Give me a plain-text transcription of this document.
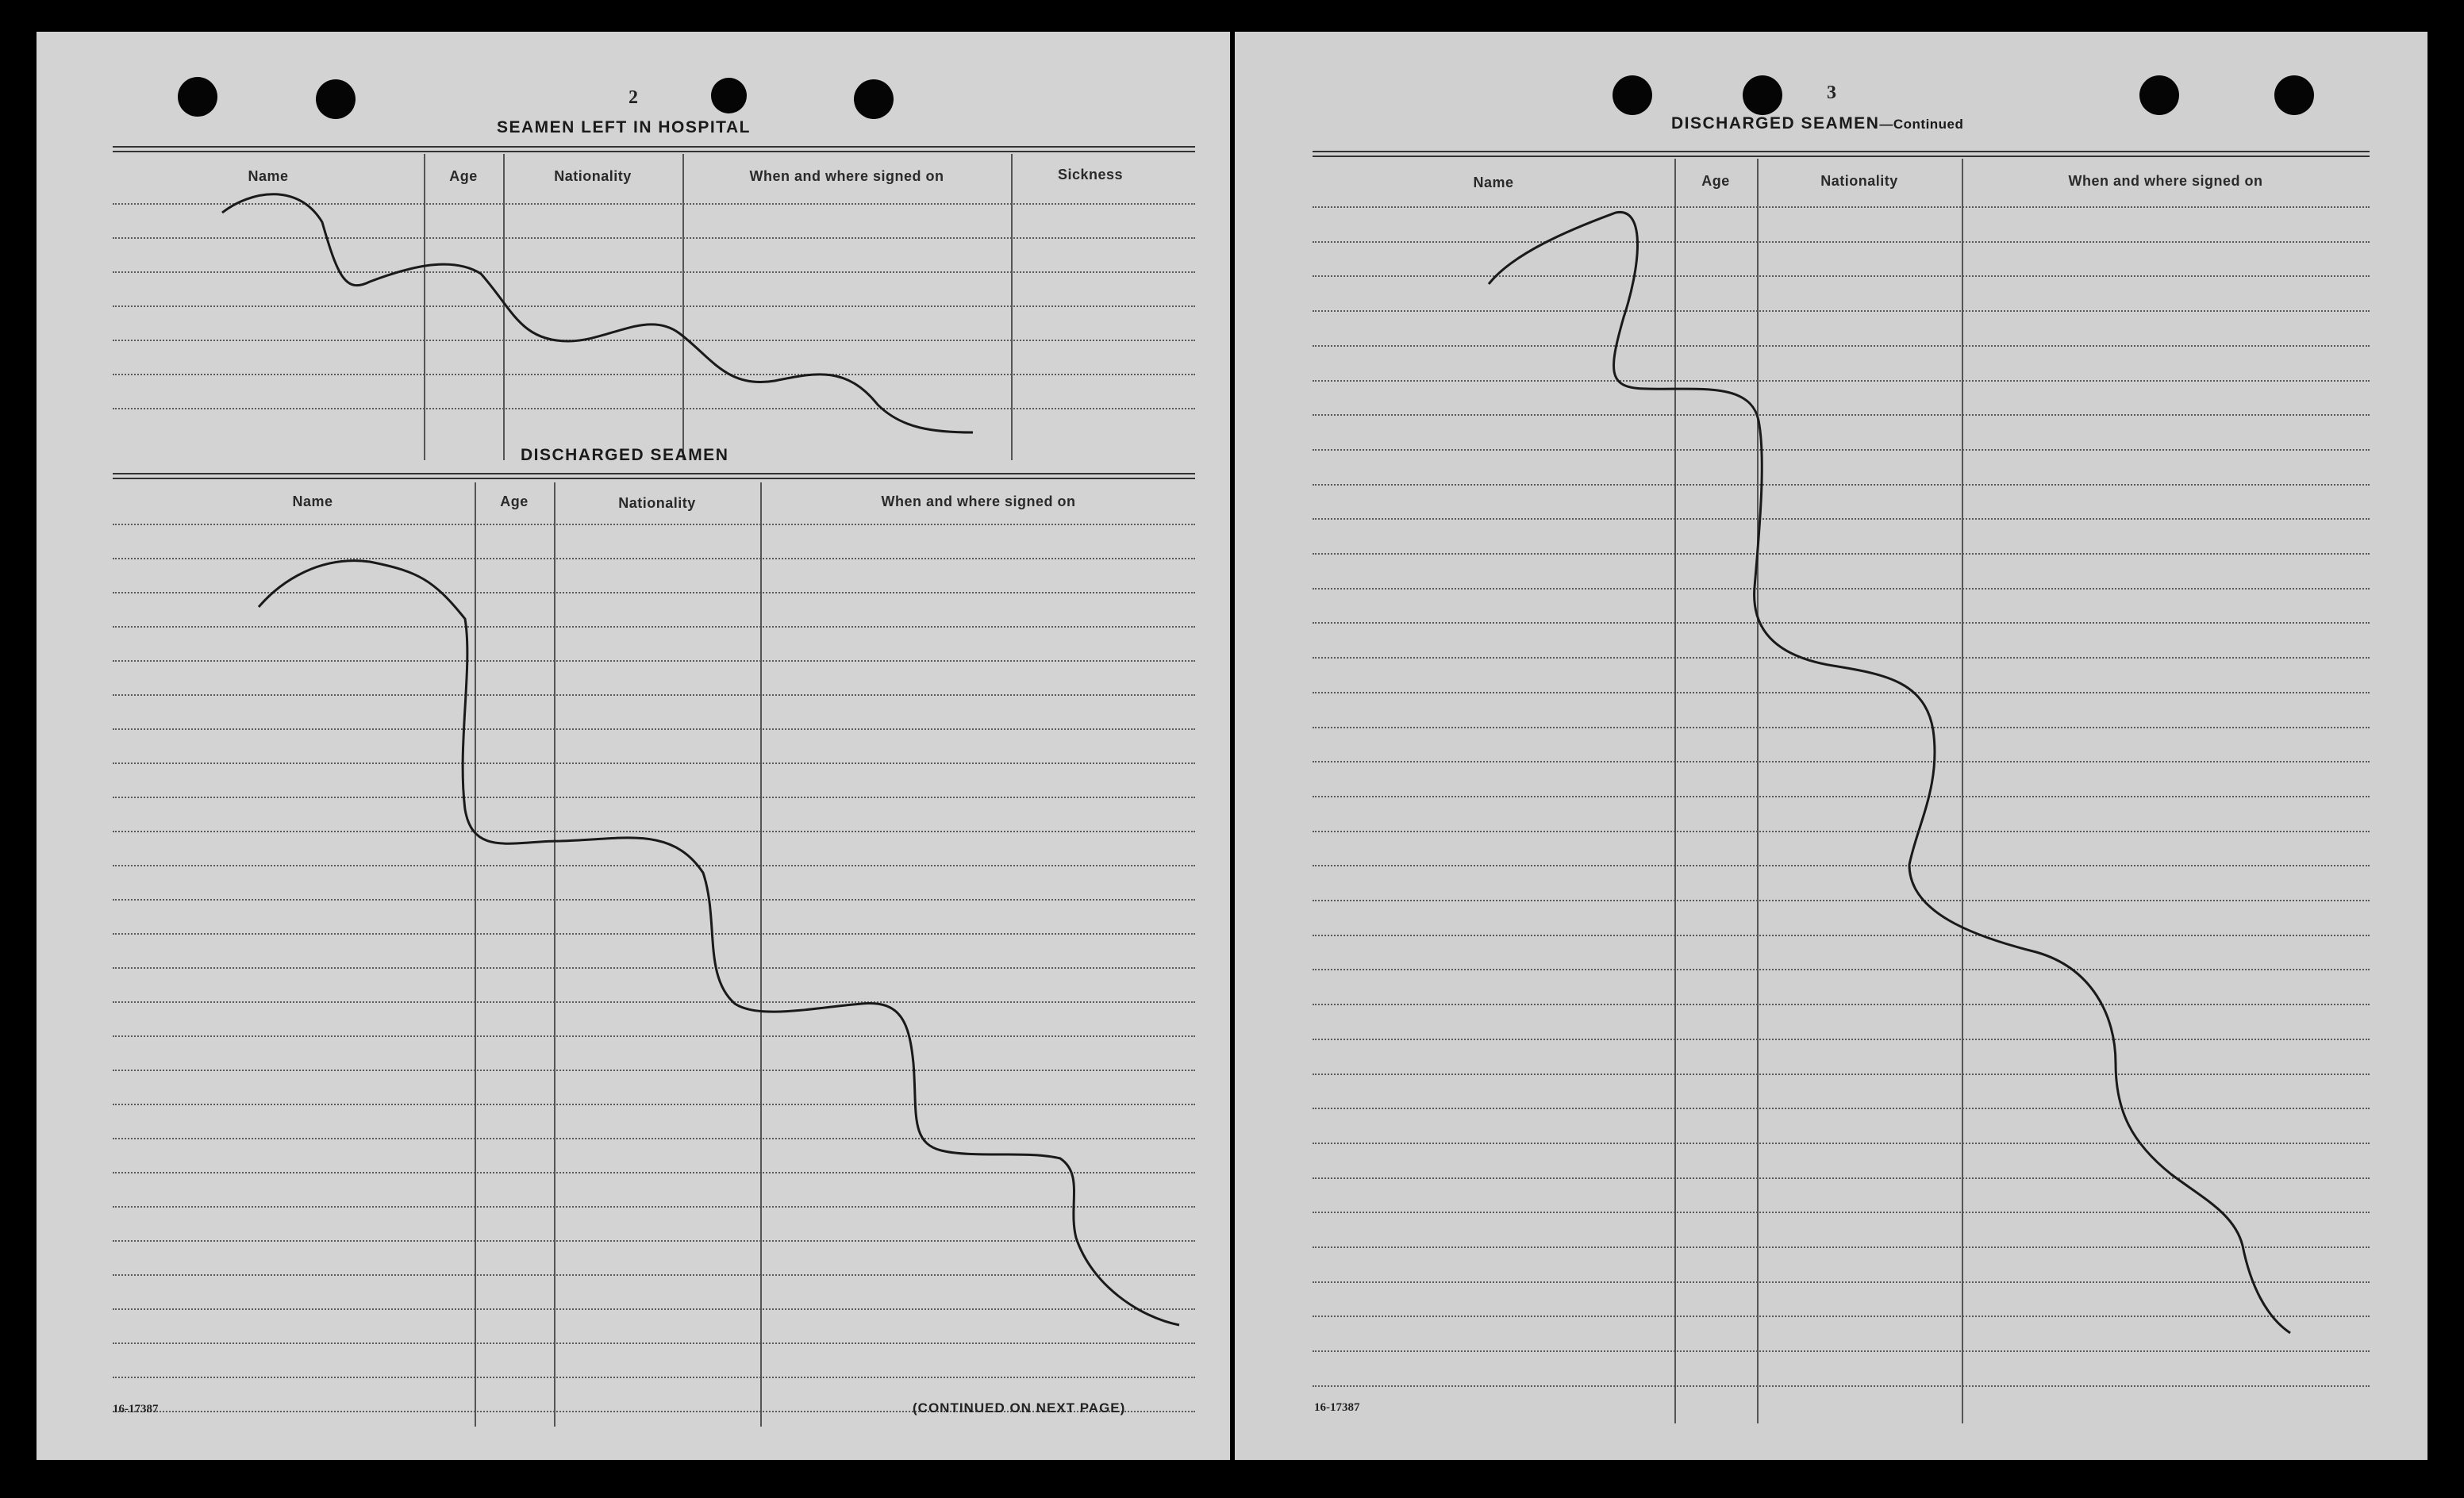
2
SEAMEN LEFT IN HOSPITAL
Name	Age	Nationality	When and where signed on	Sickness
DISCHARGED SEAMEN
Name	Age	Nationality	When and where signed on
16-17387	(CONTINUED ON NEXT PAGE)
3
DISCHARGED SEAMEN—Continued
Name	Age	Nationality	When and where signed on
16-17387
